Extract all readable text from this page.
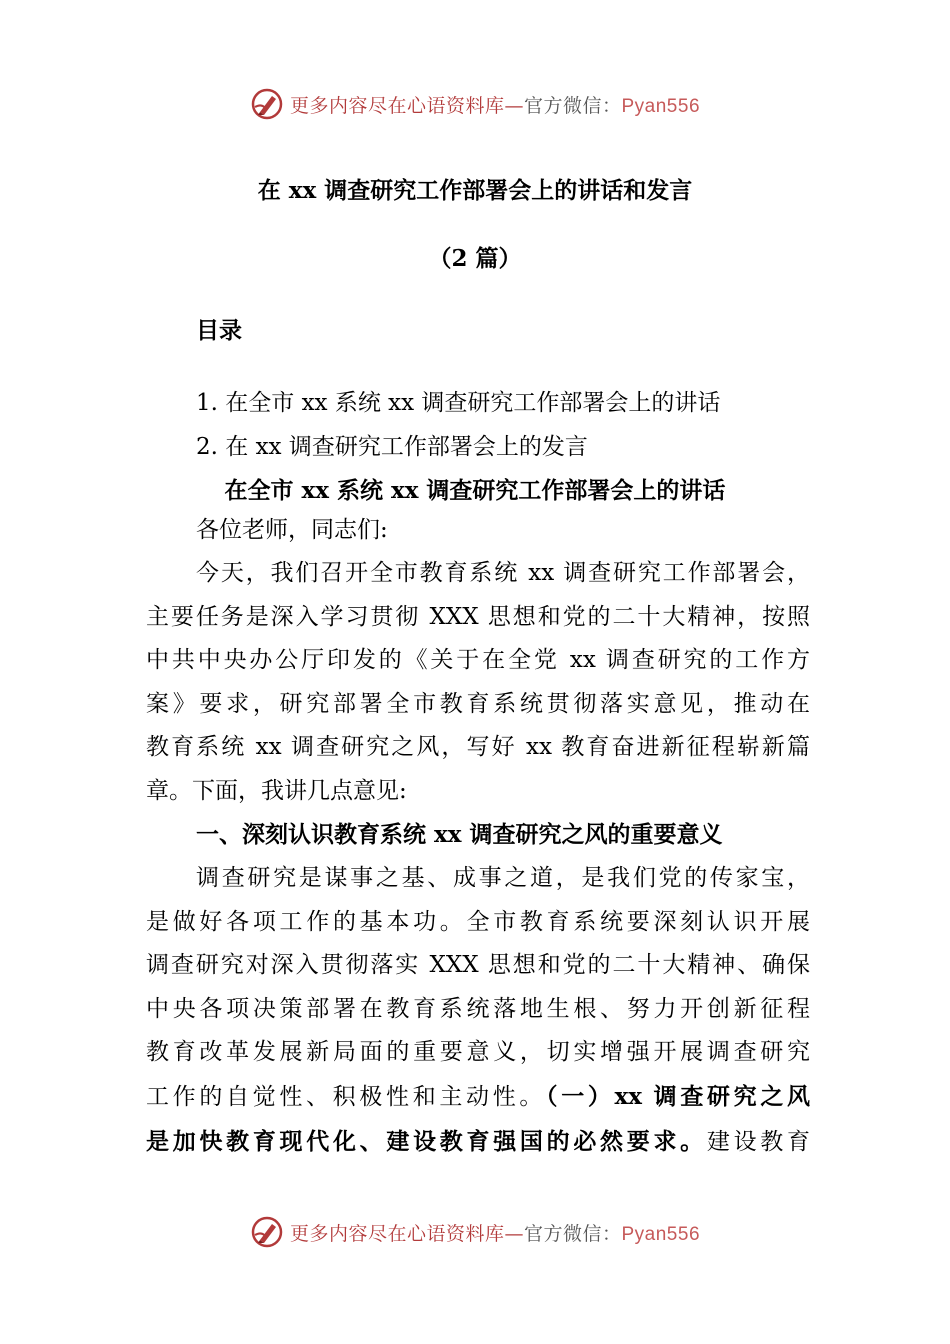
更多内容尽在心语资料库—官方微信：Pyan556
在 xx 调查研究工作部署会上的讲话和发言
（2 篇）
目录
1. 在全市 xx 系统 xx 调查研究工作部署会上的讲话
2. 在 xx 调查研究工作部署会上的发言
在全市 xx 系统 xx 调查研究工作部署会上的讲话
各位老师，同志们:
今天，我们召开全市教育系统 xx 调查研究工作部署会，
主要任务是深入学习贯彻 XXX 思想和党的二十大精神，按照
中共中央办公厅印发的《关于在全党 xx 调查研究的工作方
案》要求，研究部署全市教育系统贯彻落实意见，推动在
教育系统 xx 调查研究之风，写好 xx 教育奋进新征程崭新篇
章。下面，我讲几点意见:
一、深刻认识教育系统 xx 调查研究之风的重要意义
调查研究是谋事之基、成事之道，是我们党的传家宝，
是做好各项工作的基本功。全市教育系统要深刻认识开展
调查研究对深入贯彻落实 XXX 思想和党的二十大精神、确保
中央各项决策部署在教育系统落地生根、努力开创新征程
教育改革发展新局面的重要意义，切实增强开展调查研究
工作的自觉性、积极性和主动性。（一）xx 调查研究之风
是加快教育现代化、建设教育强国的必然要求。建设教育
更多内容尽在心语资料库—官方微信：Pyan556
